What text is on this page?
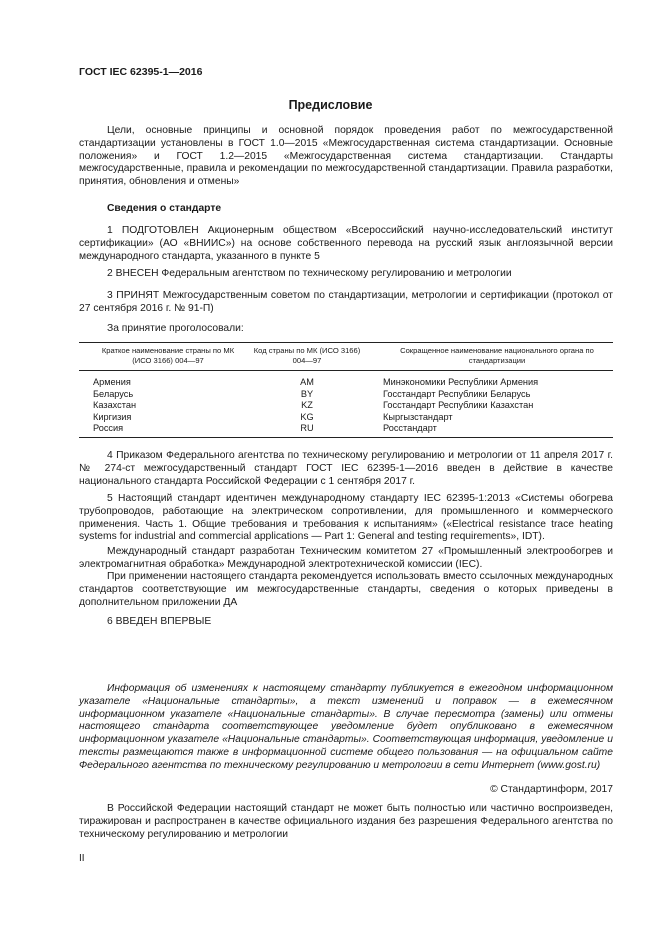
ГОСТ IEC 62395-1—2016
Предисловие
Цели, основные принципы и основной порядок проведения работ по межгосударственной стандартизации установлены в ГОСТ 1.0—2015 «Межгосударственная система стандартизации. Основные положения» и ГОСТ 1.2—2015 «Межгосударственная система стандартизации. Стандарты межгосударственные, правила и рекомендации по межгосударственной стандартизации. Правила разработки, принятия, обновления и отмены»
Сведения о стандарте
1 ПОДГОТОВЛЕН Акционерным обществом «Всероссийский научно-исследовательский институт сертификации» (АО «ВНИИС») на основе собственного перевода на русский язык англоязычной версии международного стандарта, указанного в пункте 5
2 ВНЕСЕН Федеральным агентством по техническому регулированию и метрологии
3 ПРИНЯТ Межгосударственным советом по стандартизации, метрологии и сертификации (протокол от 27 сентября 2016 г. № 91-П)
За принятие проголосовали:
Краткое наименование страны по МК (ИСО 3166) 004—97	Код страны по МК (ИСО 3166) 004—97	Сокращенное наименование национального органа по стандартизации
Армения	AM	Минэкономики Республики Армения
Беларусь	BY	Госстандарт Республики Беларусь
Казахстан	KZ	Госстандарт Республики Казахстан
Киргизия	KG	Кыргызстандарт
Россия	RU	Росстандарт
4 Приказом Федерального агентства по техническому регулированию и метрологии от 11 апреля 2017 г. № 274-ст межгосударственный стандарт ГОСТ IEC 62395-1—2016 введен в действие в качестве национального стандарта Российской Федерации с 1 сентября 2017 г.
5 Настоящий стандарт идентичен международному стандарту IEC 62395-1:2013 «Системы обогрева трубопроводов, работающие на электрическом сопротивлении, для промышленного и коммерческого применения. Часть 1. Общие требования и требования к испытаниям» («Electrical resistance trace heating systems for industrial and commercial applications — Part 1: General and testing requirements», IDT).
Международный стандарт разработан Техническим комитетом 27 «Промышленный электрообогрев и электромагнитная обработка» Международной электротехнической комиссии (IEC).
При применении настоящего стандарта рекомендуется использовать вместо ссылочных международных стандартов соответствующие им межгосударственные стандарты, сведения о которых приведены в дополнительном приложении ДА
6 ВВЕДЕН ВПЕРВЫЕ
Информация об изменениях к настоящему стандарту публикуется в ежегодном информационном указателе «Национальные стандарты», а текст изменений и поправок — в ежемесячном информационном указателе «Национальные стандарты». В случае пересмотра (замены) или отмены настоящего стандарта соответствующее уведомление будет опубликовано в ежемесячном информационном указателе «Национальные стандарты». Соответствующая информация, уведомление и тексты размещаются также в информационной системе общего пользования — на официальном сайте Федерального агентства по техническому регулированию и метрологии в сети Интернет (www.gost.ru)
© Стандартинформ, 2017
В Российской Федерации настоящий стандарт не может быть полностью или частично воспроизведен, тиражирован и распространен в качестве официального издания без разрешения Федерального агентства по техническому регулированию и метрологии
II
